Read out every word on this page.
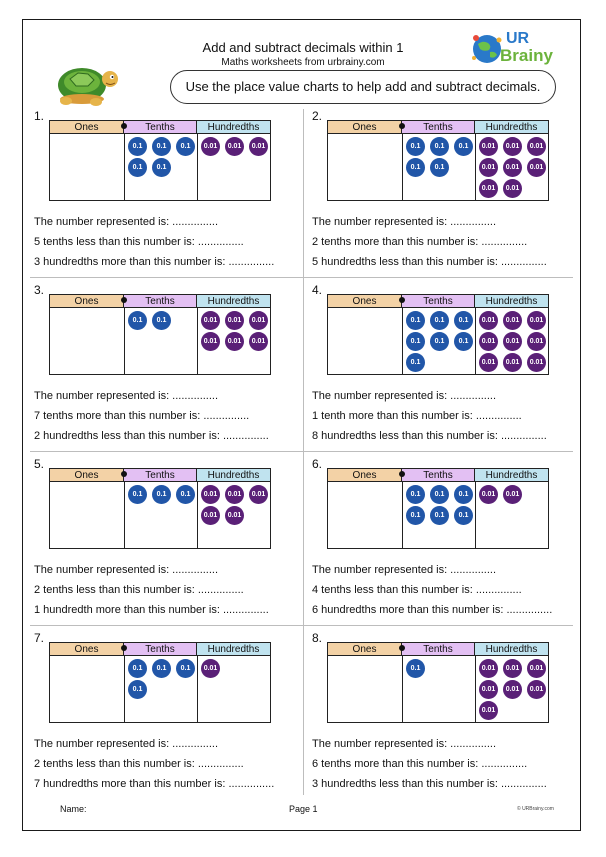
Add and subtract decimals within 1
Maths worksheets from urbrainy.com
Use the place value charts to help add and subtract decimals.
UR
Brainy
1.
Ones	Tenths	Hundredths
0.1	0.1	0.1
0.1	0.1
0.01	0.01	0.01
The number represented is: ...............
5 tenths less than this number is: ...............
3 hundredths more than this number is: ...............
2.
Ones	Tenths	Hundredths
0.1	0.1	0.1
0.1	0.1
0.01	0.01	0.01
0.01	0.01	0.01
0.01	0.01
The number represented is: ...............
2 tenths more than this number is: ...............
5 hundredths less than this number is: ...............
3.
Ones	Tenths	Hundredths
0.1	0.1	0.01	0.01	0.01
0.01	0.01	0.01
The number represented is: ...............
7 tenths more than this number is: ...............
2 hundredths less than this number is: ...............
4.
Ones	Tenths	Hundredths
0.1	0.1	0.1
0.1	0.1	0.1
0.1
0.01	0.01	0.01
0.01	0.01	0.01
0.01	0.01	0.01
The number represented is: ...............
1 tenth more than this number is: ...............
8 hundredths less than this number is: ...............
5.
Ones	Tenths	Hundredths
0.1	0.1	0.1	0.01	0.01	0.01
0.01	0.01
The number represented is: ...............
2 tenths less than this number is: ...............
1 hundredth more than this number is: ...............
6.
Ones	Tenths	Hundredths
0.1	0.1	0.1
0.1	0.1	0.1
0.01	0.01
The number represented is: ...............
4 tenths less than this number is: ...............
6 hundredths more than this number is: ...............
7.
Ones	Tenths	Hundredths
0.1	0.1	0.1
0.1
0.01
The number represented is: ...............
2 tenths less than this number is: ...............
7 hundredths more than this number is: ...............
8.
Ones	Tenths	Hundredths
0.1	0.01	0.01	0.01
0.01	0.01	0.01
0.01
The number represented is: ...............
6 tenths more than this number is: ...............
3 hundredths less than this number is: ...............
Name:	Page 1	© URBrainy.com
